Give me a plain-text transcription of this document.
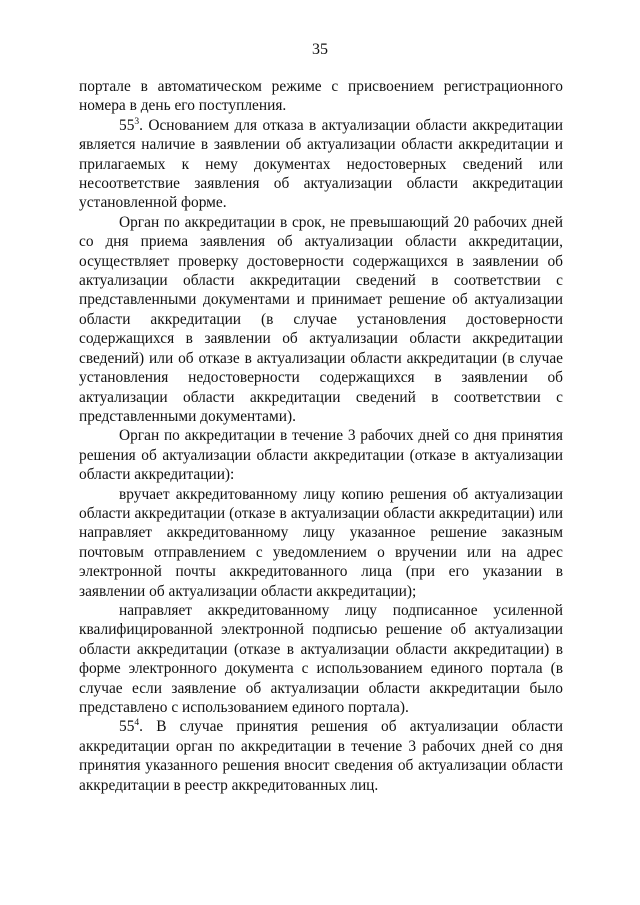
35

портале в автоматическом режиме с присвоением регистрационного номера в день его поступления.

$55^3$. Основанием для отказа в актуализации области аккредитации является наличие в заявлении об актуализации области аккредитации и прилагаемых к нему документах недостоверных сведений или несоответствие заявления об актуализации области аккредитации установленной форме.

Орган по аккредитации в срок, не превышающий 20 рабочих дней со дня приема заявления об актуализации области аккредитации, осуществляет проверку достоверности содержащихся в заявлении об актуализации области аккредитации сведений в соответствии с представленными документами и принимает решение об актуализации области аккредитации (в случае установления достоверности содержащихся в заявлении об актуализации области аккредитации сведений) или об отказе в актуализации области аккредитации (в случае установления недостоверности содержащихся в заявлении об актуализации области аккредитации сведений в соответствии с представленными документами).

Орган по аккредитации в течение 3 рабочих дней со дня принятия решения об актуализации области аккредитации (отказе в актуализации области аккредитации):

вручает аккредитованному лицу копию решения об актуализации области аккредитации (отказе в актуализации области аккредитации) или направляет аккредитованному лицу указанное решение заказным почтовым отправлением с уведомлением о вручении или на адрес электронной почты аккредитованного лица (при его указании в заявлении об актуализации области аккредитации);

направляет аккредитованному лицу подписанное усиленной квалифицированной электронной подписью решение об актуализации области аккредитации (отказе в актуализации области аккредитации) в форме электронного документа с использованием единого портала (в случае если заявление об актуализации области аккредитации было представлено с использованием единого портала).

$55^4$. В случае принятия решения об актуализации области аккредитации орган по аккредитации в течение 3 рабочих дней со дня принятия указанного решения вносит сведения об актуализации области аккредитации в реестр аккредитованных лиц.
